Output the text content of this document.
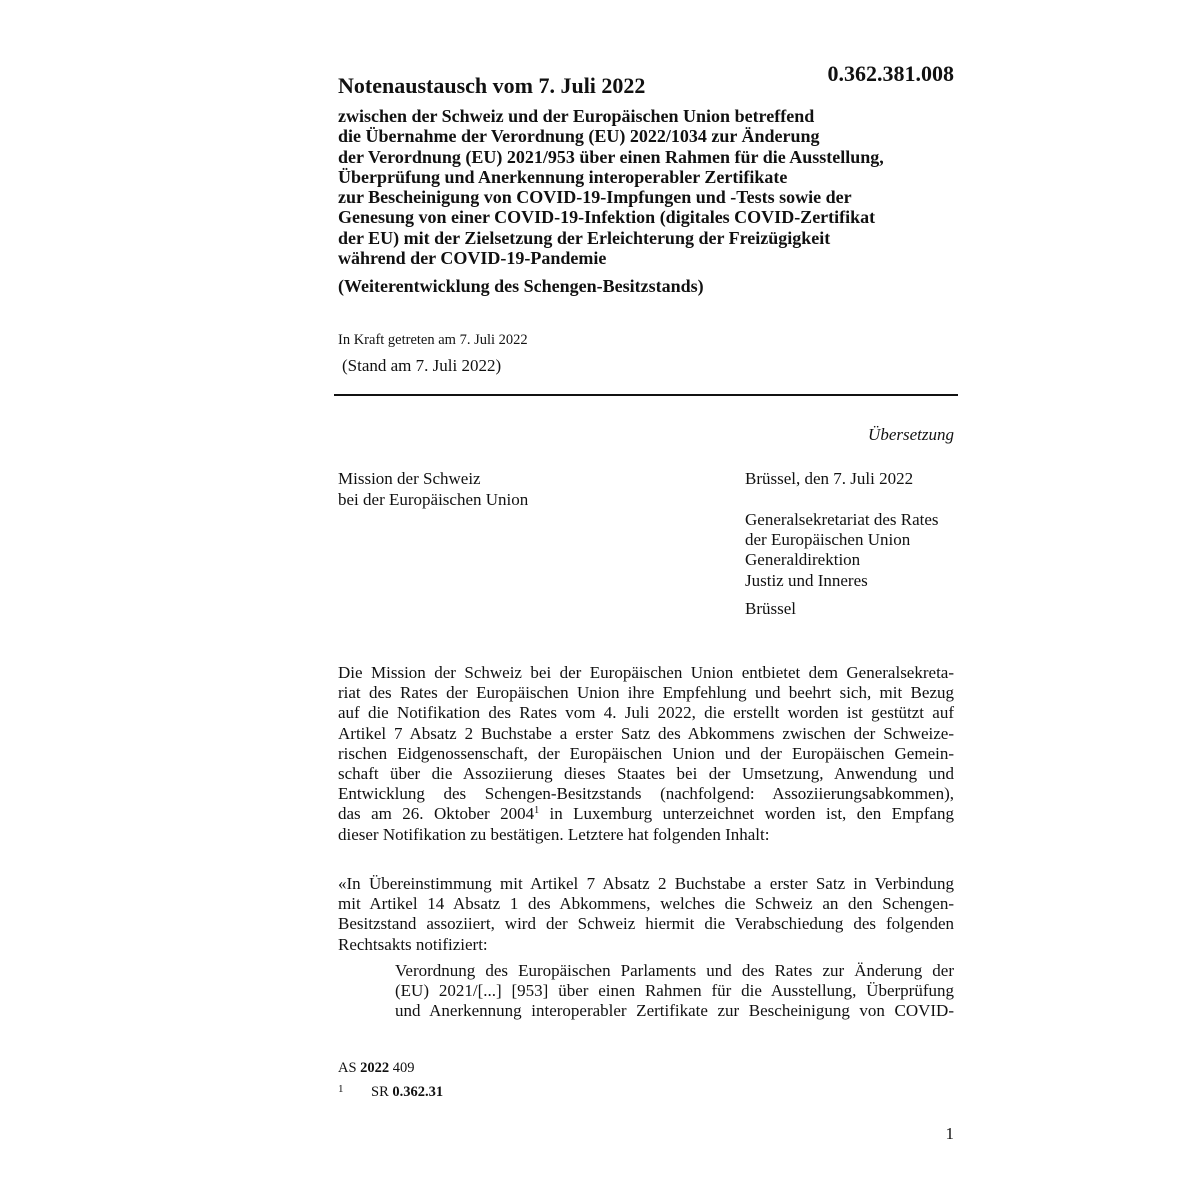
Notenaustausch vom 7. Juli 2022	0.362.381.008
zwischen der Schweiz und der Europäischen Union betreffend
die Übernahme der Verordnung (EU) 2022/1034 zur Änderung
der Verordnung (EU) 2021/953 über einen Rahmen für die Ausstellung,
Überprüfung und Anerkennung interoperabler Zertifikate
zur Bescheinigung von COVID-19-Impfungen und -Tests sowie der
Genesung von einer COVID-19-Infektion (digitales COVID-Zertifikat
der EU) mit der Zielsetzung der Erleichterung der Freizügigkeit
während der COVID-19-Pandemie
(Weiterentwicklung des Schengen-Besitzstands)
In Kraft getreten am 7. Juli 2022
(Stand am 7. Juli 2022)
Übersetzung
Mission der Schweiz
bei der Europäischen Union
Brüssel, den 7. Juli 2022
Generalsekretariat des Rates
der Europäischen Union
Generaldirektion
Justiz und Inneres
Brüssel
Die Mission der Schweiz bei der Europäischen Union entbietet dem Generalsekreta-
riat des Rates der Europäischen Union ihre Empfehlung und beehrt sich, mit Bezug
auf die Notifikation des Rates vom 4. Juli 2022, die erstellt worden ist gestützt auf
Artikel 7 Absatz 2 Buchstabe a erster Satz des Abkommens zwischen der Schweize-
rischen Eidgenossenschaft, der Europäischen Union und der Europäischen Gemein-
schaft über die Assoziierung dieses Staates bei der Umsetzung, Anwendung und
Entwicklung des Schengen-Besitzstands (nachfolgend: Assoziierungsabkommen),
das am 26. Oktober 2004$^1$ in Luxemburg unterzeichnet worden ist, den Empfang
dieser Notifikation zu bestätigen. Letztere hat folgenden Inhalt:
«In Übereinstimmung mit Artikel 7 Absatz 2 Buchstabe a erster Satz in Verbindung
mit Artikel 14 Absatz 1 des Abkommens, welches die Schweiz an den Schengen-
Besitzstand assoziiert, wird der Schweiz hiermit die Verabschiedung des folgenden
Rechtsakts notifiziert:
Verordnung des Europäischen Parlaments und des Rates zur Änderung der
(EU) 2021/[...] [953] über einen Rahmen für die Ausstellung, Überprüfung
und Anerkennung interoperabler Zertifikate zur Bescheinigung von COVID-
AS 2022 409
1 SR 0.362.31
1
